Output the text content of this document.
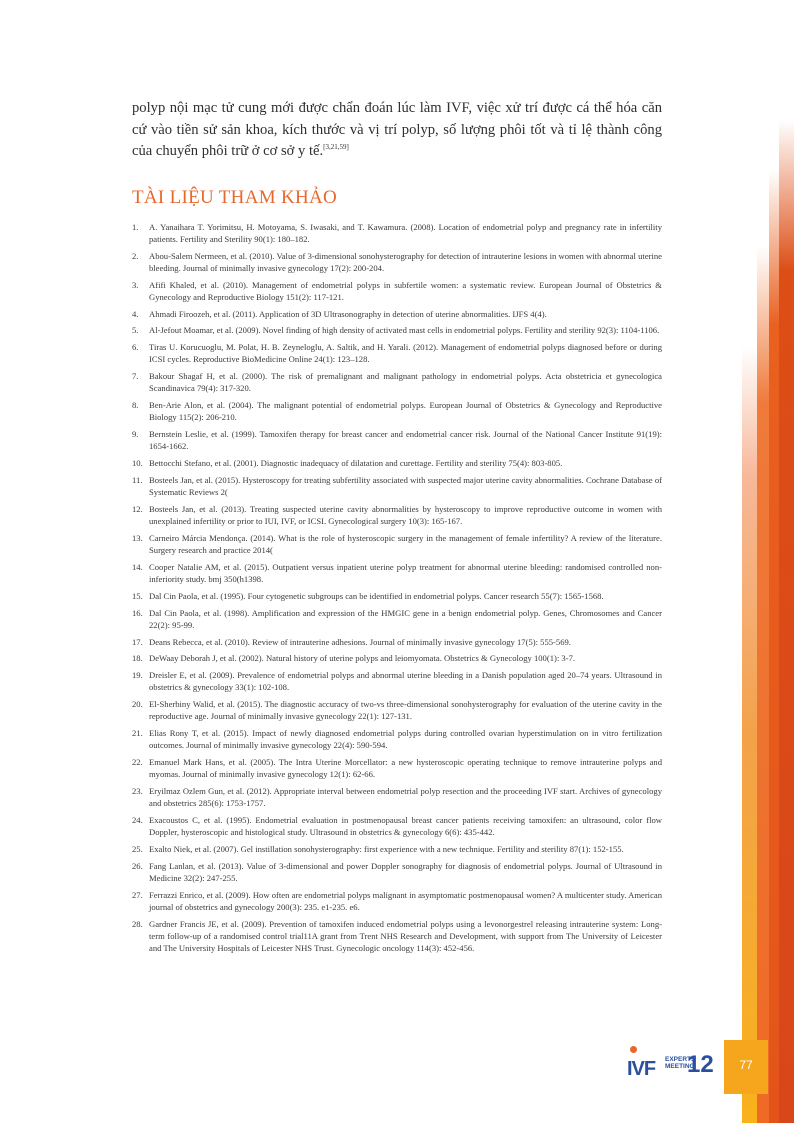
polyp nội mạc tử cung mới được chẩn đoán lúc làm IVF, việc xử trí được cá thể hóa căn cứ vào tiền sử sản khoa, kích thước và vị trí polyp, số lượng phôi tốt và tỉ lệ thành công của chuyển phôi trữ ở cơ sở y tế.[3,21,59]

TÀI LIỆU THAM KHẢO
1.	A. Yanaihara T. Yorimitsu, H. Motoyama, S. Iwasaki, and T. Kawamura. (2008). Location of endometrial polyp and pregnancy rate in infertility patients. Fertility and Sterility 90(1): 180–182.
2.	Abou-Salem Nermeen, et al. (2010). Value of 3-dimensional sonohysterography for detection of intrauterine lesions in women with abnormal uterine bleeding. Journal of minimally invasive gynecology 17(2): 200-204.
3.	Afifi Khaled, et al. (2010). Management of endometrial polyps in subfertile women: a systematic review. European Journal of Obstetrics & Gynecology and Reproductive Biology 151(2): 117-121.
4.	Ahmadi Firoozeh, et al. (2011). Application of 3D Ultrasonography in detection of uterine abnormalities. IJFS 4(4).
5.	Al-Jefout Moamar, et al. (2009). Novel finding of high density of activated mast cells in endometrial polyps. Fertility and sterility 92(3): 1104-1106.
6.	Tiras U. Korucuoglu, M. Polat, H. B. Zeyneloglu, A. Saltik, and H. Yarali. (2012). Management of endometrial polyps diagnosed before or during ICSI cycles. Reproductive BioMedicine Online 24(1): 123–128.
7.	Bakour Shagaf H, et al. (2000). The risk of premalignant and malignant pathology in endometrial polyps. Acta obstetricia et gynecologica Scandinavica 79(4): 317-320.
8.	Ben-Arie Alon, et al. (2004). The malignant potential of endometrial polyps. European Journal of Obstetrics & Gynecology and Reproductive Biology 115(2): 206-210.
9.	Bernstein Leslie, et al. (1999). Tamoxifen therapy for breast cancer and endometrial cancer risk. Journal of the National Cancer Institute 91(19): 1654-1662.
10. Bettocchi Stefano, et al. (2001). Diagnostic inadequacy of dilatation and curettage. Fertility and sterility 75(4): 803-805.
11. Bosteels Jan, et al. (2015). Hysteroscopy for treating subfertility associated with suspected major uterine cavity abnormalities. Cochrane Database of Systematic Reviews 2(
12. Bosteels Jan, et al. (2013). Treating suspected uterine cavity abnormalities by hysteroscopy to improve reproductive outcome in women with unexplained infertility or prior to IUI, IVF, or ICSI. Gynecological surgery 10(3): 165-167.
13. Carneiro Márcia Mendonça. (2014). What is the role of hysteroscopic surgery in the management of female infertility? A review of the literature. Surgery research and practice 2014(
14. Cooper Natalie AM, et al. (2015). Outpatient versus inpatient uterine polyp treatment for abnormal uterine bleeding: randomised controlled non-inferiority study. bmj 350(h1398.
15. Dal Cin Paola, et al. (1995). Four cytogenetic subgroups can be identified in endometrial polyps. Cancer research 55(7): 1565-1568.
16. Dal Cin Paola, et al. (1998). Amplification and expression of the HMGIC gene in a benign endometrial polyp. Genes, Chromosomes and Cancer 22(2): 95-99.
17. Deans Rebecca, et al. (2010). Review of intrauterine adhesions. Journal of minimally invasive gynecology 17(5): 555-569.
18. DeWaay Deborah J, et al. (2002). Natural history of uterine polyps and leiomyomata. Obstetrics & Gynecology 100(1): 3-7.
19. Dreisler E, et al. (2009). Prevalence of endometrial polyps and abnormal uterine bleeding in a Danish population aged 20–74 years. Ultrasound in obstetrics & gynecology 33(1): 102-108.
20. El-Sherbiny Walid, et al. (2015). The diagnostic accuracy of two-vs three-dimensional sonohysterography for evaluation of the uterine cavity in the reproductive age. Journal of minimally invasive gynecology 22(1): 127-131.
21. Elias Rony T, et al. (2015). Impact of newly diagnosed endometrial polyps during controlled ovarian hyperstimulation on in vitro fertilization outcomes. Journal of minimally invasive gynecology 22(4): 590-594.
22. Emanuel Mark Hans, et al. (2005). The Intra Uterine Morcellator: a new hysteroscopic operating technique to remove intrauterine polyps and myomas. Journal of minimally invasive gynecology 12(1): 62-66.
23. Eryilmaz Ozlem Gun, et al. (2012). Appropriate interval between endometrial polyp resection and the proceeding IVF start. Archives of gynecology and obstetrics 285(6): 1753-1757.
24. Exacoustos C, et al. (1995). Endometrial evaluation in postmenopausal breast cancer patients receiving tamoxifen: an ultrasound, color flow Doppler, hysteroscopic and histological study. Ultrasound in obstetrics & gynecology 6(6): 435-442.
25. Exalto Niek, et al. (2007). Gel instillation sonohysterography: first experience with a new technique. Fertility and sterility 87(1): 152-155.
26. Fang Lanlan, et al. (2013). Value of 3-dimensional and power Doppler sonography for diagnosis of endometrial polyps. Journal of Ultrasound in Medicine 32(2): 247-255.
27. Ferrazzi Enrico, et al. (2009). How often are endometrial polyps malignant in asymptomatic postmenopausal women? A multicenter study. American journal of obstetrics and gynecology 200(3): 235. e1-235. e6.
28. Gardner Francis JE, et al. (2009). Prevention of tamoxifen induced endometrial polyps using a levonorgestrel releasing intrauterine system: Long-term follow-up of a randomised control trial11A grant from Trent NHS Research and Development, with support from The University of Leicester and The University Hospitals of Leicester NHS Trust. Gynecologic oncology 114(3): 452-456.
77
IVF EXPERTS
MEETING
12
